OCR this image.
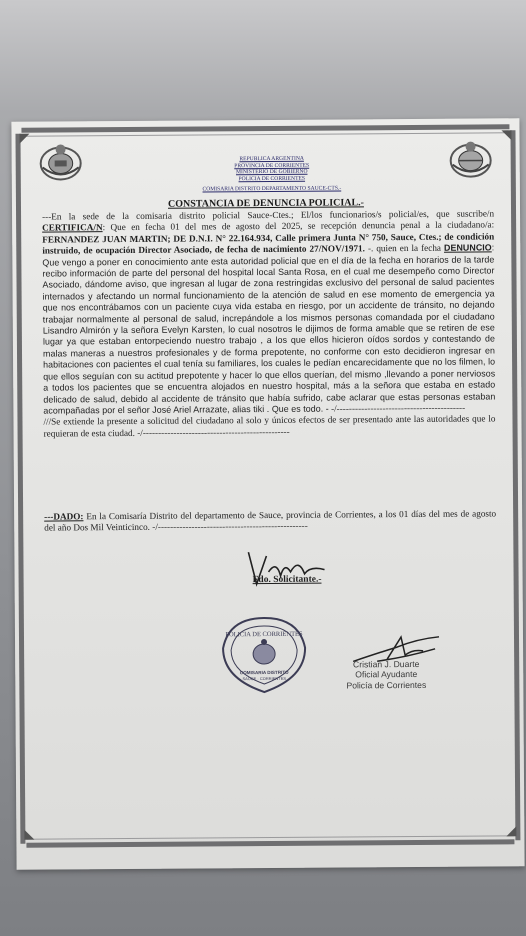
REPUBLICA ARGENTINA
PROVINCIA DE CORRIENTES
MINISTERIO DE GOBIERNO
POLICIA DE CORRIENTES
COMISARIA DISTRITO DEPARTAMENTO SAUCE-CTS.-
CONSTANCIA DE DENUNCIA POLICIAL.-
---En la sede de la comisaria distrito policial Sauce-Ctes.; El/los funcionarios/s policial/es, que suscribe/n CERTIFICA/N: Que en fecha 01 del mes de agosto del 2025, se recepción denuncia penal a la ciudadano/a: FERNANDEZ JUAN MARTIN; DE D.N.I. N° 22.164.934, Calle primera Junta N° 750, Sauce, Ctes.; de condición instruido, de ocupación Director Asociado, de fecha de nacimiento 27/NOV/1971. -. quien en la fecha DENUNCIO: Que vengo a poner en conocimiento ante esta autoridad policial que en el día de la fecha en horarios de la tarde recibo información de parte del personal del hospital local Santa Rosa, en el cual me desempeño como Director Asociado, dándome aviso, que ingresan al lugar de zona restringidas exclusivo del personal de salud pacientes internados y afectando un normal funcionamiento de la atención de salud en ese momento de emergencia ya que nos encontrábamos con un paciente cuya vida estaba en riesgo, por un accidente de tránsito, no dejando trabajar normalmente al personal de salud, increpándole a los mismos personas comandada por el ciudadano Lisandro Almirón y la señora Evelyn Karsten, lo cual nosotros le dijimos de forma amable que se retiren de ese lugar ya que estaban entorpeciendo nuestro trabajo , a los que ellos hicieron oídos sordos y contestando de malas maneras a nuestros profesionales y de forma prepotente, no conforme con esto decidieron ingresar en habitaciones con pacientes el cual tenía su familiares, los cuales le pedían encarecidamente que no los filmen, lo que ellos seguían con su actitud prepotente y hacer lo que ellos querían, del mismo ,llevando a poner nerviosos a todos los pacientes que se encuentra alojados en nuestro hospital, más a la señora que estaba en estado delicado de salud, debido al accidente de tránsito que había sufrido, cabe aclarar que estas personas estaban acompañadas por el señor José Ariel Arrazate, alias tiki . Que es todo. - -/------------------------------------------
///Se extiende la presente a solicitud del ciudadano al solo y únicos efectos de ser presentado ante las autoridades que lo requieran de esta ciudad. -/------------------------------------------------
---DADO: En la Comisaría Distrito del departamento de Sauce, provincia de Corrientes, a los 01 días del mes de agosto del año Dos Mil Veinticinco. -/-------------------------------------------------
Fdo. Solicitante.-
POLICIA DE CORRIENTES
COMISARIA DISTRITO
SAUCE · CORRIENTES
Cristian J. Duarte
Oficial Ayudante
Policía de Corrientes
